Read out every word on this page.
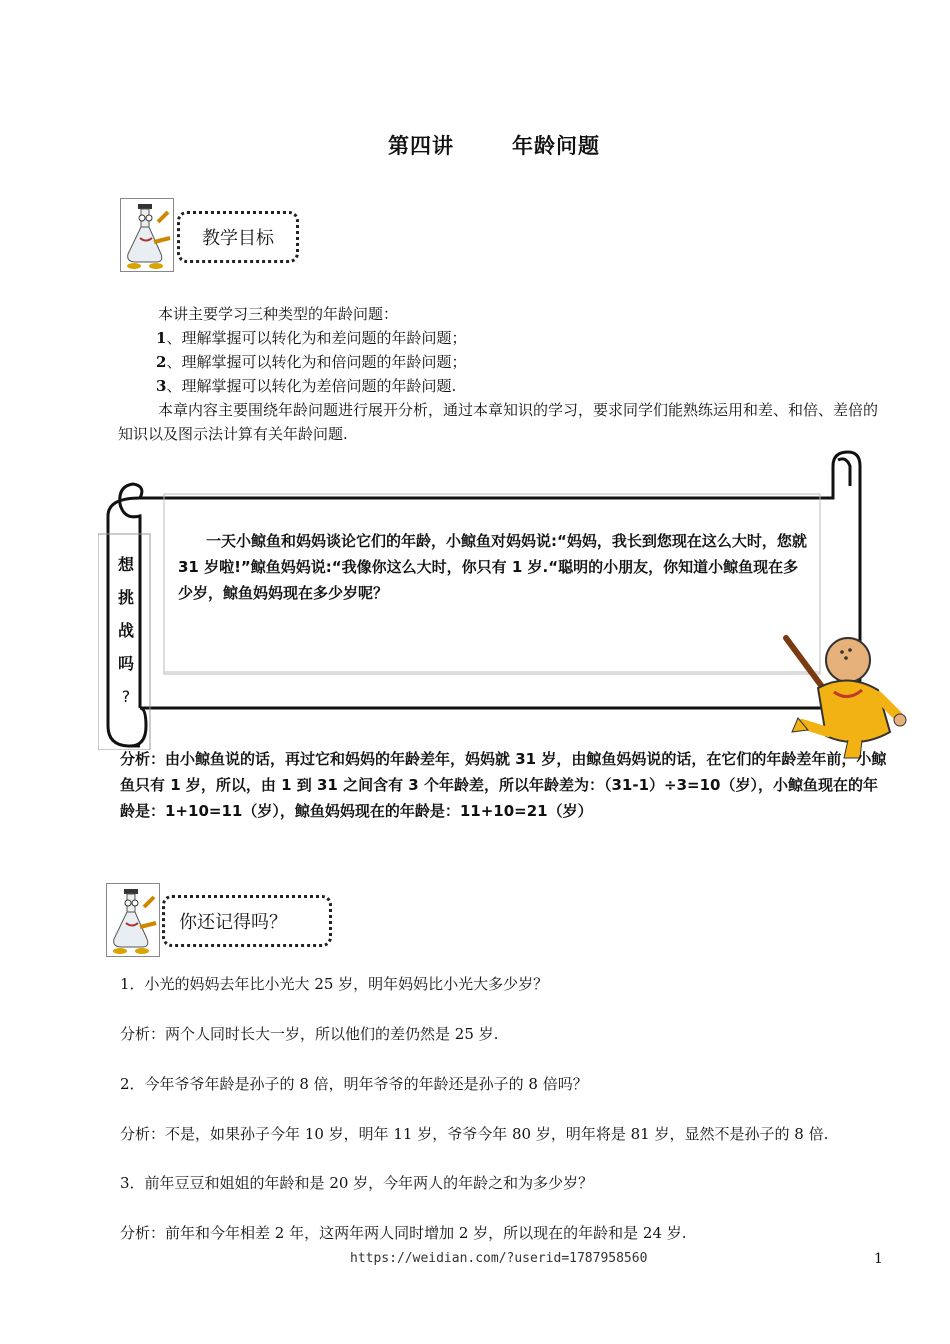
第四讲	年龄问题
教学目标

本讲主要学习三种类型的年龄问题：

1、理解掌握可以转化为和差问题的年龄问题；

2、理解掌握可以转化为和倍问题的年龄问题；

3、理解掌握可以转化为差倍问题的年龄问题.

本章内容主要围绕年龄问题进行展开分析，通过本章知识的学习，要求同学们能熟练运用和差、和倍、差倍的知识以及图示法计算有关年龄问题.

想
挑
战
吗
?
一天小鲸鱼和妈妈谈论它们的年龄，小鲸鱼对妈妈说:“妈妈，我长到您现在这么大时，您就 31 岁啦!”鲸鱼妈妈说:“我像你这么大时，你只有 1 岁.“聪明的小朋友，你知道小鲸鱼现在多少岁，鲸鱼妈妈现在多少岁呢？
分析：由小鲸鱼说的话，再过它和妈妈的年龄差年，妈妈就 31 岁，由鲸鱼妈妈说的话，在它们的年龄差年前，小鲸鱼只有 1 岁，所以，由 1 到 31 之间含有 3 个年龄差，所以年龄差为：（31-1）÷3=10（岁），小鲸鱼现在的年龄是：1+10=11（岁），鲸鱼妈妈现在的年龄是：11+10=21（岁）
你还记得吗？
1．小光的妈妈去年比小光大 25 岁，明年妈妈比小光大多少岁？
分析：两个人同时长大一岁，所以他们的差仍然是 25 岁.
2．今年爷爷年龄是孙子的 8 倍，明年爷爷的年龄还是孙子的 8 倍吗？
分析：不是，如果孙子今年 10 岁，明年 11 岁，爷爷今年 80 岁，明年将是 81 岁，显然不是孙子的 8 倍.
3．前年豆豆和姐姐的年龄和是 20 岁，今年两人的年龄之和为多少岁？
分析：前年和今年相差 2 年，这两年两人同时增加 2 岁，所以现在的年龄和是 24 岁.
https://weidian.com/?userid=1787958560	1
